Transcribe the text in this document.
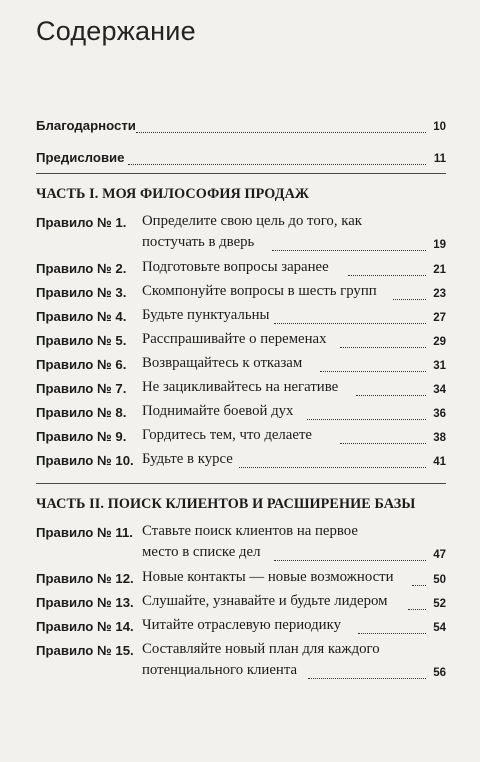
Содержание
Благодарности	10
Предисловие	11
ЧАСТЬ I. МОЯ ФИЛОСОФИЯ ПРОДАЖ
Правило № 1. Определите свою цель до того, как
постучать в дверь	19
Правило № 2. Подготовьте вопросы заранее	21
Правило № 3. Скомпонуйте вопросы в шесть групп	23
Правило № 4. Будьте пунктуальны	27
Правило № 5. Расспрашивайте о переменах	29
Правило № 6. Возвращайтесь к отказам	31
Правило № 7. Не зацикливайтесь на негативе	34
Правило № 8. Поднимайте боевой дух	36
Правило № 9. Гордитесь тем, что делаете	38
Правило № 10. Будьте в курсе	41
ЧАСТЬ II. ПОИСК КЛИЕНТОВ И РАСШИРЕНИЕ БАЗЫ
Правило № 11. Ставьте поиск клиентов на первое
место в списке дел	47
Правило № 12. Новые контакты — новые возможности	50
Правило № 13. Слушайте, узнавайте и будьте лидером	52
Правило № 14. Читайте отраслевую периодику	54
Правило № 15. Составляйте новый план для каждого
потенциального клиента	56
